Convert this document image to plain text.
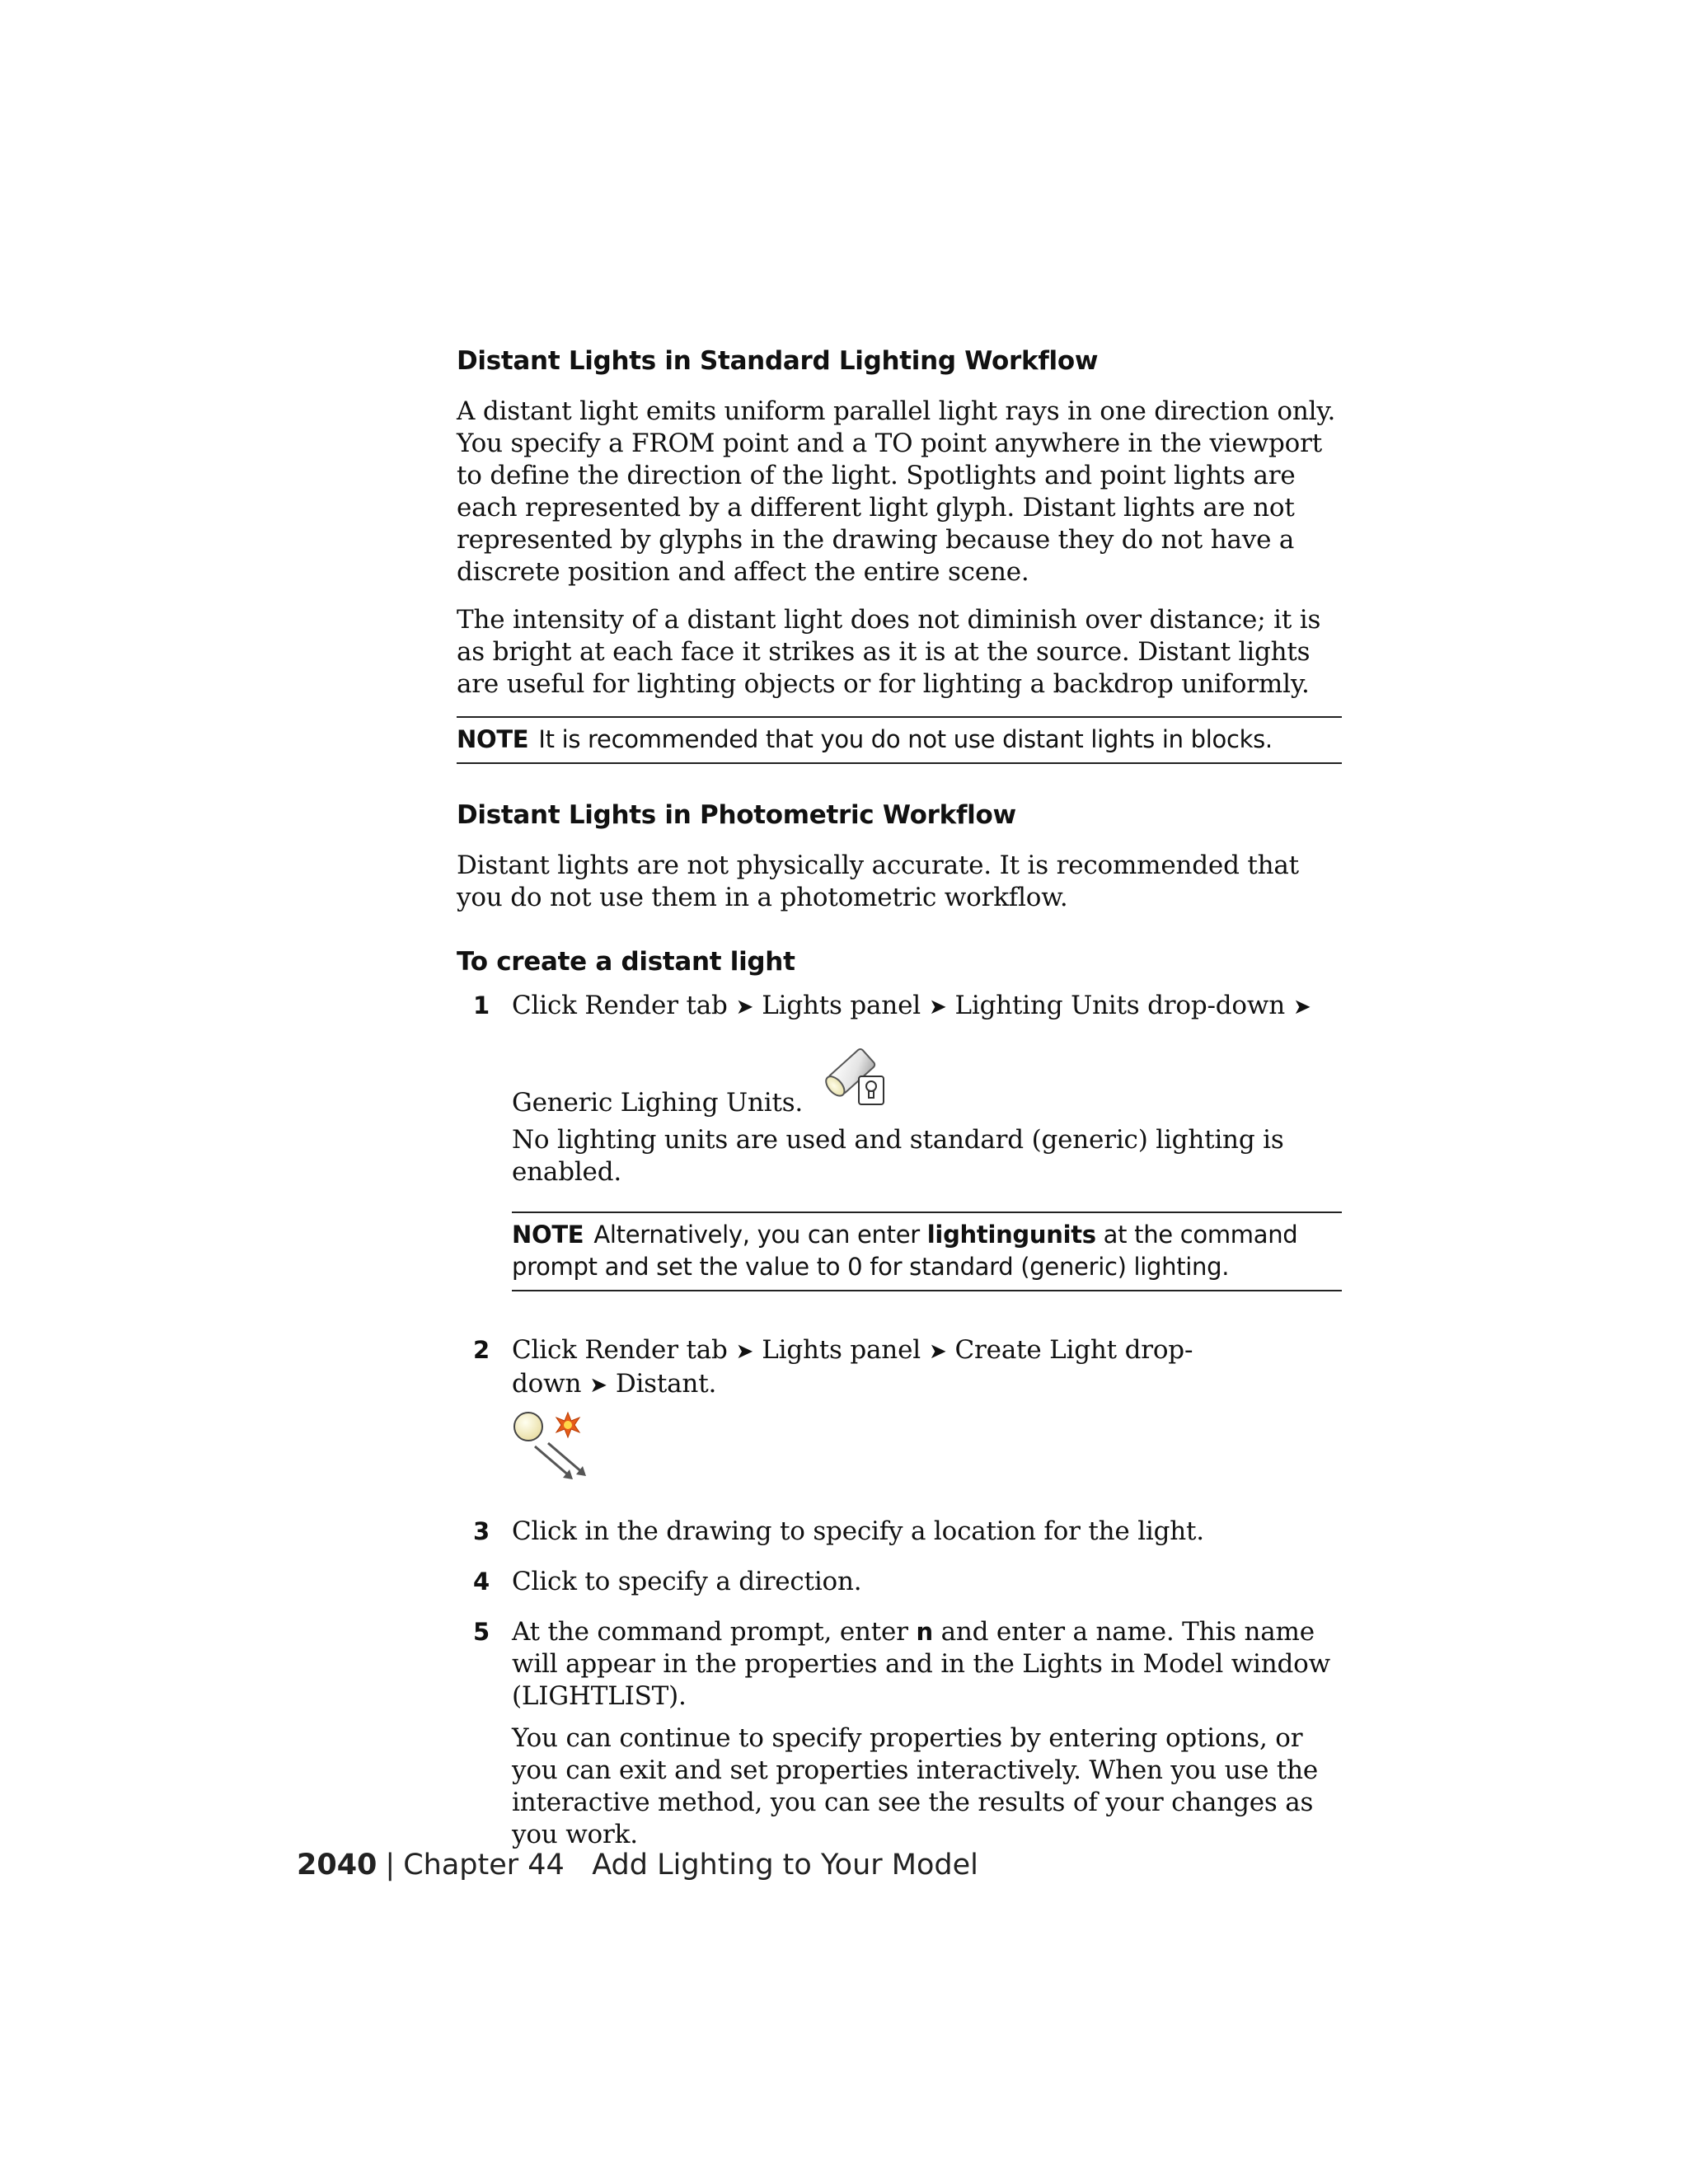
Distant Lights in Standard Lighting Workflow

A distant light emits uniform parallel light rays in one direction only. You specify a FROM point and a TO point anywhere in the viewport to define the direction of the light. Spotlights and point lights are each represented by a different light glyph. Distant lights are not represented by glyphs in the drawing because they do not have a discrete position and affect the entire scene.

The intensity of a distant light does not diminish over distance; it is as bright at each face it strikes as it is at the source. Distant lights are useful for lighting objects or for lighting a backdrop uniformly.

NOTE It is recommended that you do not use distant lights in blocks.
Distant Lights in Photometric Workflow

Distant lights are not physically accurate. It is recommended that you do not use them in a photometric workflow.

To create a distant light
1 Click Render tab ➤ Lights panel ➤ Lighting Units drop-down ➤
Generic Lighing Units.
No lighting units are used and standard (generic) lighting is enabled.
NOTE Alternatively, you can enter lightingunits at the command prompt and set the value to 0 for standard (generic) lighting.
2 Click Render tab ➤ Lights panel ➤ Create Light drop-down ➤ Distant.
3 Click in the drawing to specify a location for the light.
4 Click to specify a direction.
5 At the command prompt, enter n and enter a name. This name will appear in the properties and in the Lights in Model window (LIGHTLIST).
You can continue to specify properties by entering options, or you can exit and set properties interactively. When you use the interactive method, you can see the results of your changes as you work.
2040 | Chapter 44 Add Lighting to Your Model
